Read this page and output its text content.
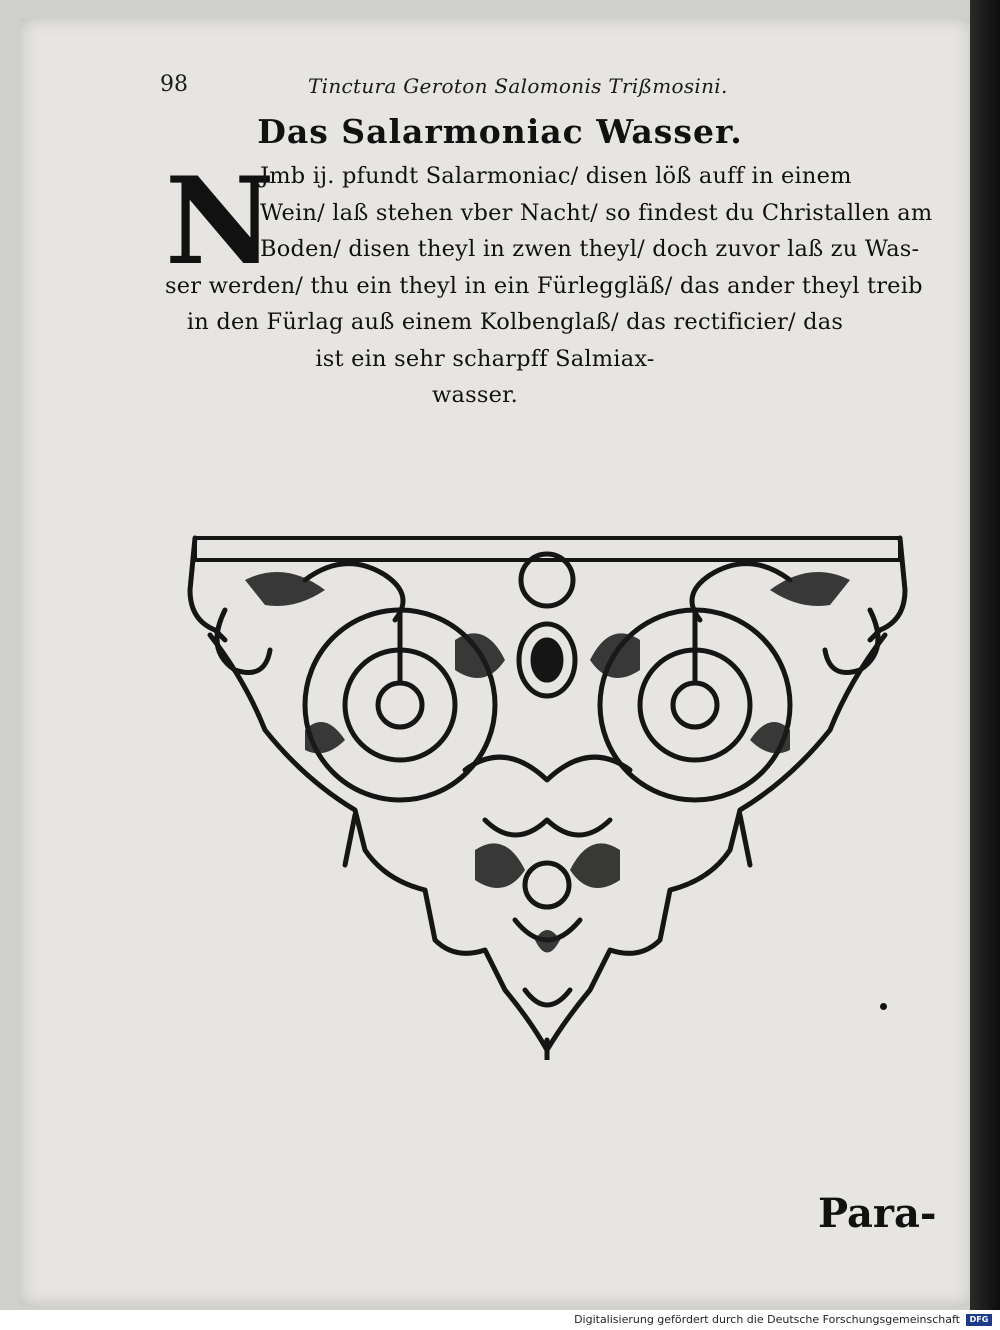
98	Tinctura Geroton Salomonis Trißmosini.
Das Salarmoniac Wasser.
N
Jmb ij. pfundt Salarmoniac/ disen löß auff in einem
Wein/ laß stehen vber Nacht/ so findest du Christallen am
Boden/ disen theyl in zwen theyl/ doch zuvor laß zu Was-
ser werden/ thu ein theyl in ein Fürleggläß/ das ander theyl treib
in den Fürlag auß einem Kolbenglaß/ das rectificier/ das
ist ein sehr scharpff Salmiax-
wasser.
Para-
Digitalisierung gefördert durch die Deutsche Forschungsgemeinschaft	DFG
